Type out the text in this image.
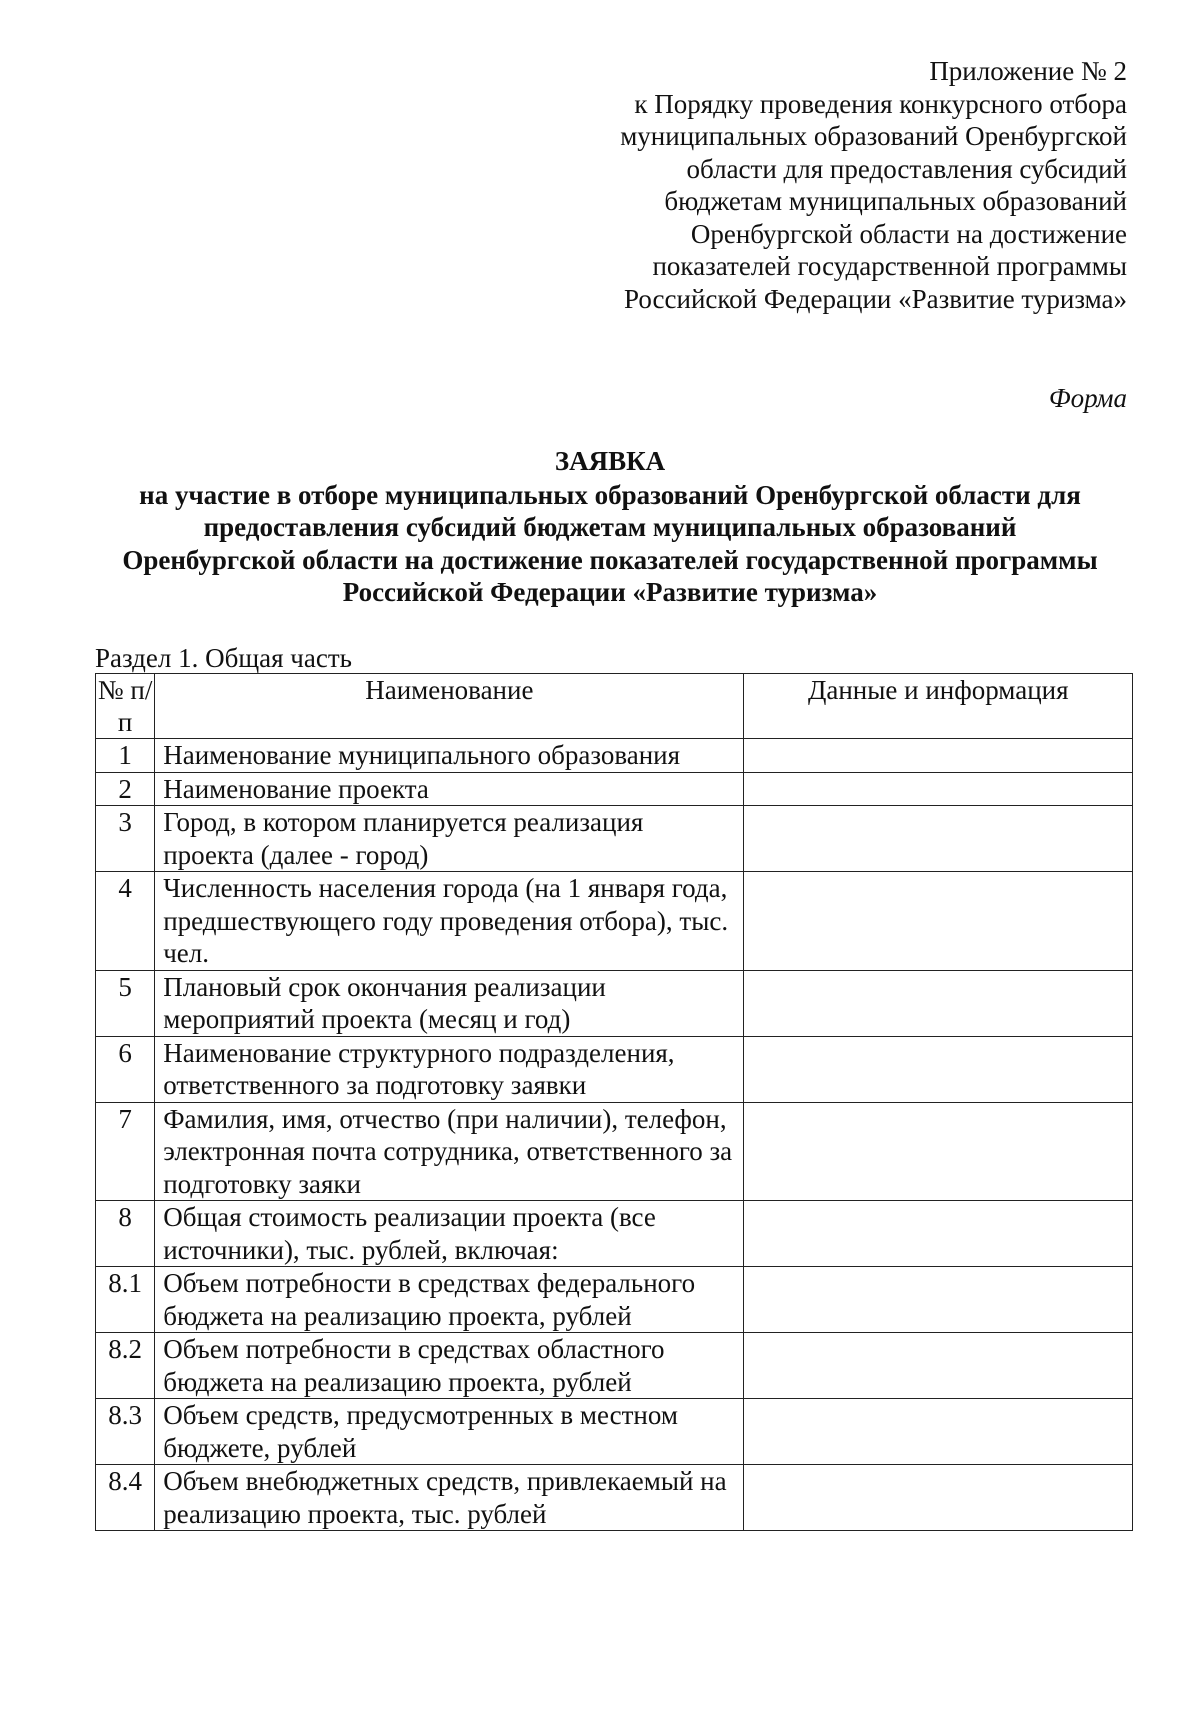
Приложение № 2
к Порядку проведения конкурсного отбора
муниципальных образований Оренбургской
области для предоставления субсидий
бюджетам муниципальных образований
Оренбургской области на достижение
показателей государственной программы
Российской Федерации «Развитие туризма»
Форма
ЗАЯВКА
на участие в отборе муниципальных образований Оренбургской области для
предоставления субсидий бюджетам муниципальных образований
Оренбургской области на достижение показателей государственной программы
Российской Федерации «Развитие туризма»
Раздел 1. Общая часть
№ п/п	Наименование	Данные и информация
1	Наименование муниципального образования	
2	Наименование проекта	
3	Город, в котором планируется реализация проекта (далее - город)	
4	Численность населения города (на 1 января года, предшествующего году проведения отбора), тыс. чел.	
5	Плановый срок окончания реализации мероприятий проекта (месяц и год)	
6	Наименование структурного подразделения, ответственного за подготовку заявки	
7	Фамилия, имя, отчество (при наличии), телефон, электронная почта сотрудника, ответственного за подготовку заяки	
8	Общая стоимость реализации проекта (все источники), тыс. рублей, включая:	
8.1	Объем потребности в средствах федерального бюджета на реализацию проекта, рублей	
8.2	Объем потребности в средствах областного бюджета на реализацию проекта, рублей	
8.3	Объем средств, предусмотренных в местном бюджете, рублей	
8.4	Объем внебюджетных средств, привлекаемый на реализацию проекта, тыс. рублей	
